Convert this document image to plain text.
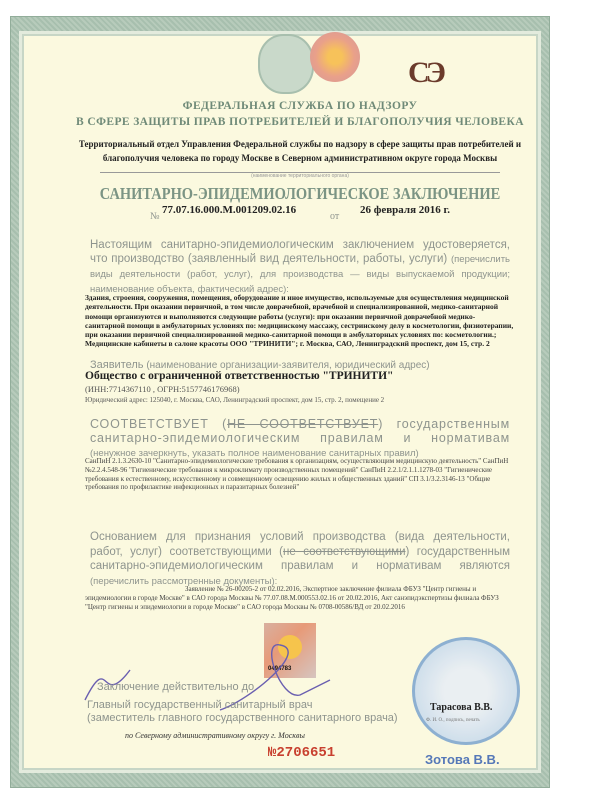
СЭ
ФЕДЕРАЛЬНАЯ СЛУЖБА ПО НАДЗОРУ
В СФЕРЕ ЗАЩИТЫ ПРАВ ПОТРЕБИТЕЛЕЙ И БЛАГОПОЛУЧИЯ ЧЕЛОВЕКА
Территориальный отдел Управления Федеральной службы по надзору в сфере защиты прав потребителей и благополучия человека по городу Москве в Северном административном округе города Москвы
(наименование территориального органа)
САНИТАРНО-ЭПИДЕМИОЛОГИЧЕСКОЕ ЗАКЛЮЧЕНИЕ
№
77.07.16.000.М.001209.02.16
от
26 февраля 2016 г.
Настоящим санитарно-эпидемиологическим заключением удостоверяется, что производство (заявленный вид деятельности, работы, услуги) (перечислить виды деятельности (работ, услуг), для производства — виды выпускаемой продукции; наименование объекта, фактический адрес):
Здания, строения, сооружения, помещения, оборудование и иное имущество, используемые для осуществления медицинской деятельности. При оказании первичной, в том числе доврачебной, врачебной и специализированной, медико-санитарной помощи организуются и выполняются следующие работы (услуги): при оказании первичной доврачебной медико-санитарной помощи в амбулаторных условиях по: медицинскому массажу, сестринскому делу в косметологии, физиотерапии, при оказании первичной специализированной медико-санитарной помощи в амбулаторных условиях по: косметологии.; Медицинские кабинеты в салоне красоты ООО "ТРИНИТИ"; г. Москва, САО, Ленинградский проспект, дом 15, стр. 2
Заявитель (наименование организации-заявителя, юридический адрес)
Общество с ограниченной ответственностью "ТРИНИТИ"
(ИНН:7714367110 , ОГРН:5157746176968)
Юридический адрес: 125040, г. Москва, САО, Ленинградский проспект, дом 15, стр. 2, помещение 2
СООТВЕТСТВУЕТ (НЕ СООТВЕТСТВУЕТ) государственным санитарно-эпидемиологическим правилам и нормативам (ненужное зачеркнуть, указать полное наименование санитарных правил)
СанПиН 2.1.3.2630-10 "Санитарно-эпидемиологические требования к организациям, осуществляющим медицинскую деятельность" СанПиН №2.2.4.548-96 "Гигиенические требования к микроклимату производственных помещений" СанПиН 2.2.1/2.1.1.1278-03 "Гигиенические требования к естественному, искусственному и совмещенному освещению жилых и общественных зданий" СП 3.1/3.2.3146-13 "Общие требования по профилактике инфекционных и паразитарных болезней"
Основанием для признания условий производства (вида деятельности, работ, услуг) соответствующими (не соответствующими) государственным санитарно-эпидемиологическим правилам и нормативам являются (перечислить рассмотренные документы):
Заявление № 26-00205-2 от 02.02.2016, Экспертное заключение филиала ФБУЗ "Центр гигиены и эпидемиологии в городе Москве" в САО города Москвы № 77.07.08.М.000553.02.16 от 20.02.2016, Акт санэпидэкспертизы филиала ФБУЗ "Центр гигиены и эпидемиологии в городе Москве" в САО города Москвы № 0708-00586/ВД от 20.02.2016
0494783
Заключение действительно до
Главный государственный санитарный врач
(заместитель главного государственного санитарного врача)
по Северному административному округу г. Москвы
№2706651
Тарасова В.В.
Ф. И. О., подпись, печать
Зотова В.В.
